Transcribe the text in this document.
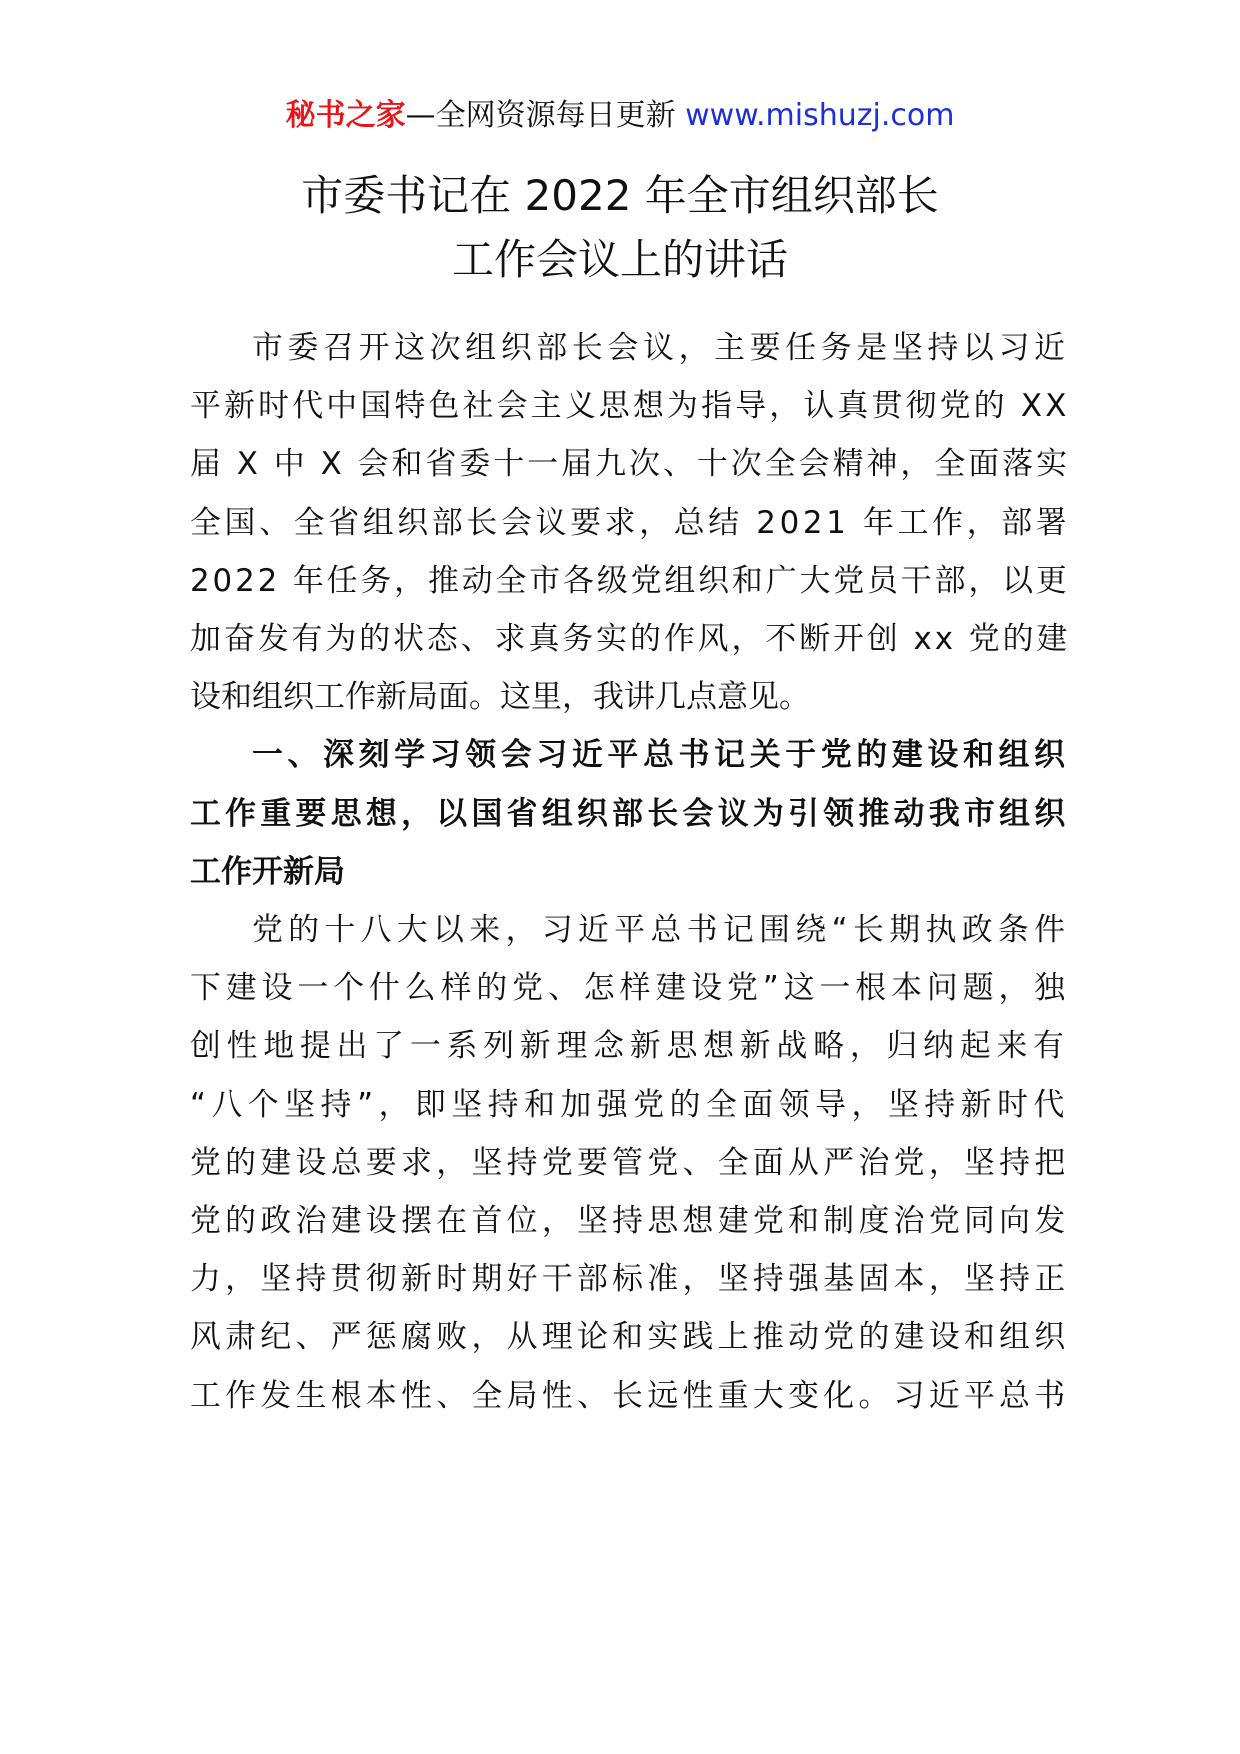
秘书之家—全网资源每日更新 www.mishuzj.com
市委书记在 2022 年全市组织部长
工作会议上的讲话
市委召开这次组织部长会议，主要任务是坚持以习近
平新时代中国特色社会主义思想为指导，认真贯彻党的 XX
届 X 中 X 会和省委十一届九次、十次全会精神，全面落实
全国、全省组织部长会议要求，总结 2021 年工作，部署
2022 年任务，推动全市各级党组织和广大党员干部，以更
加奋发有为的状态、求真务实的作风，不断开创 xx 党的建
设和组织工作新局面。这里，我讲几点意见。
一、深刻学习领会习近平总书记关于党的建设和组织
工作重要思想，以国省组织部长会议为引领推动我市组织
工作开新局
党的十八大以来，习近平总书记围绕“长期执政条件
下建设一个什么样的党、怎样建设党”这一根本问题，独
创性地提出了一系列新理念新思想新战略，归纳起来有
“八个坚持”，即坚持和加强党的全面领导，坚持新时代
党的建设总要求，坚持党要管党、全面从严治党，坚持把
党的政治建设摆在首位，坚持思想建党和制度治党同向发
力，坚持贯彻新时期好干部标准，坚持强基固本，坚持正
风肃纪、严惩腐败，从理论和实践上推动党的建设和组织
工作发生根本性、全局性、长远性重大变化。习近平总书
